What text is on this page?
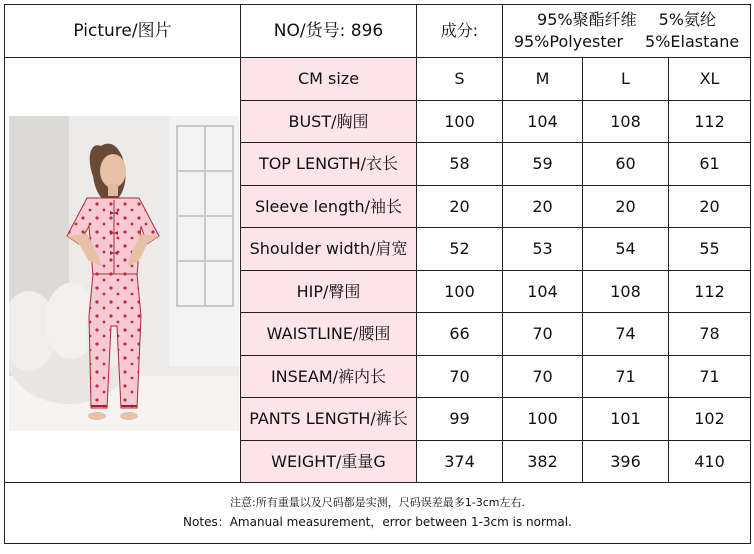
Picture/图片	NO/货号: 896	成分:	95%聚酯纤维 5%氨纶
95%Polyester 5%Elastane		

	CM size	S	M	L	XL
	BUST/胸围	100	104	108	112
	TOP LENGTH/衣长	58	59	60	61
	Sleeve length/袖长	20	20	20	20
	Shoulder width/肩宽	52	53	54	55
	HIP/臀围	100	104	108	112
	WAISTLINE/腰围	66	70	74	78
	INSEAM/裤内长	70	70	71	71
	PANTS LENGTH/裤长	99	100	101	102
	WEIGHT/重量G	374	382	396	410

注意:所有重量以及尺码都是实测，尺码误差最多1-3cm左右.
Notes：Amanual measurement，error between 1-3cm is normal.					
